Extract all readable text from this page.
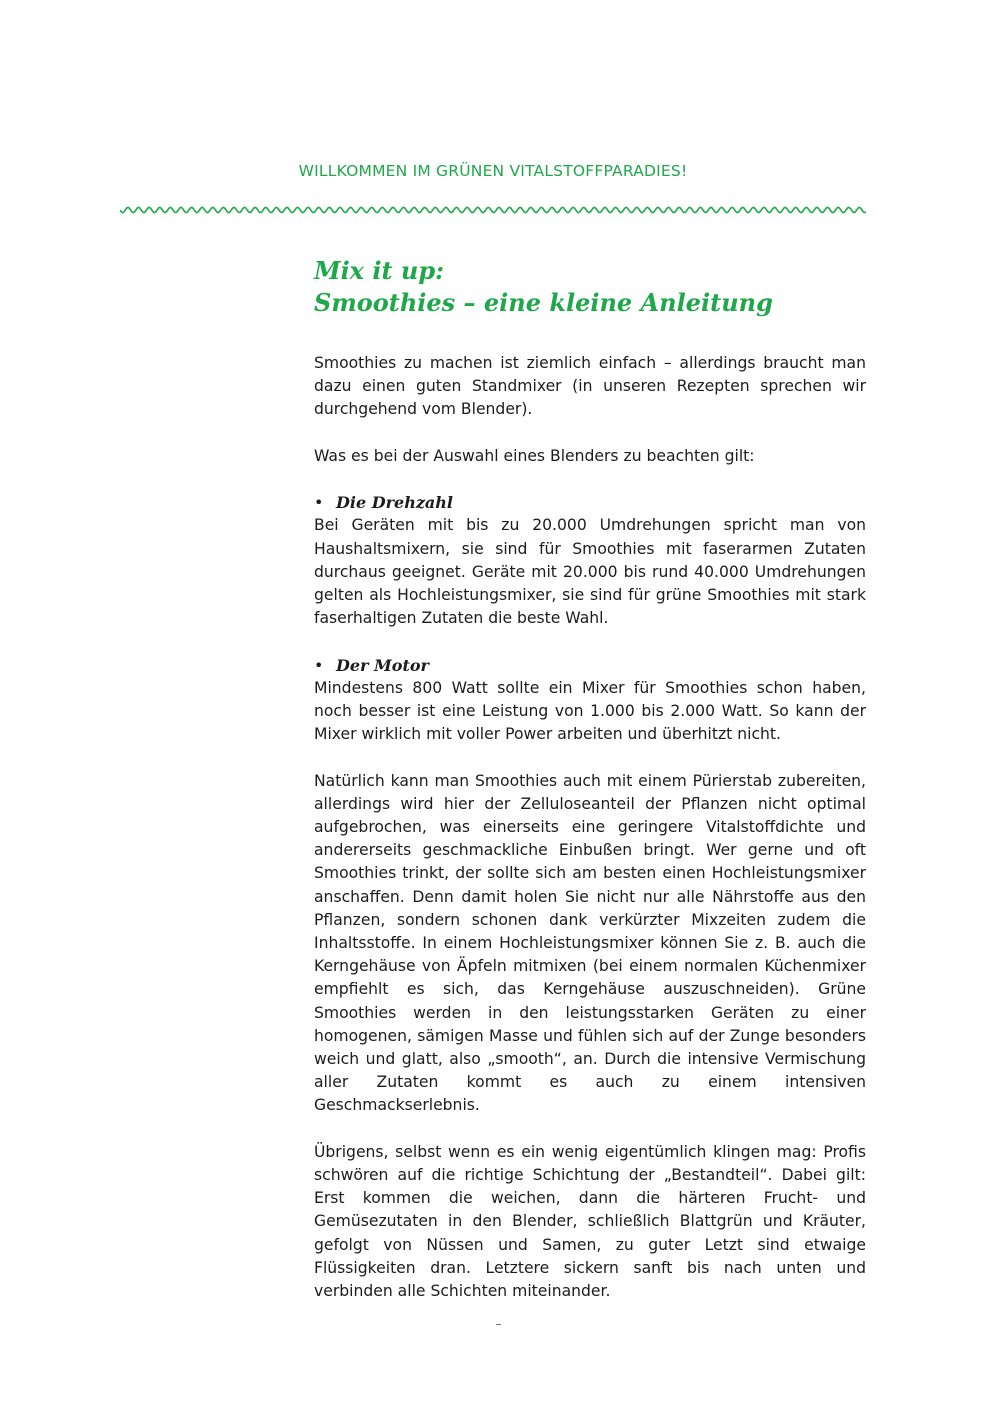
WILLKOMMEN IM GRÜNEN VITALSTOFFPARADIES!
Mix it up:
Smoothies – eine kleine Anleitung

Smoothies zu machen ist ziemlich einfach – allerdings braucht man dazu einen guten Standmixer (in unseren Rezepten sprechen wir durchgehend vom Blender).

Was es bei der Auswahl eines Blenders zu beachten gilt:

• Die Drehzahl

Bei Geräten mit bis zu 20.000 Umdrehungen spricht man von Haushaltsmixern, sie sind für Smoothies mit faserarmen Zutaten durchaus geeignet. Geräte mit 20.000 bis rund 40.000 Umdrehungen gelten als Hochleistungsmixer, sie sind für grüne Smoothies mit stark faserhaltigen Zutaten die beste Wahl.

• Der Motor

Mindestens 800 Watt sollte ein Mixer für Smoothies schon haben, noch besser ist eine Leistung von 1.000 bis 2.000 Watt. So kann der Mixer wirklich mit voller Power arbeiten und überhitzt nicht.

Natürlich kann man Smoothies auch mit einem Pürierstab zubereiten, allerdings wird hier der Zelluloseanteil der Pflanzen nicht optimal aufgebrochen, was einerseits eine geringere Vitalstoffdichte und andererseits geschmackliche Einbußen bringt. Wer gerne und oft Smoothies trinkt, der sollte sich am besten einen Hochleistungsmixer anschaffen. Denn damit holen Sie nicht nur alle Nährstoffe aus den Pflanzen, sondern schonen dank verkürzter Mixzeiten zudem die Inhaltsstoffe. In einem Hochleistungsmixer können Sie z. B. auch die Kerngehäuse von Äpfeln mitmixen (bei einem normalen Küchenmixer empfiehlt es sich, das Kerngehäuse auszuschneiden). Grüne Smoothies werden in den leistungsstarken Geräten zu einer homogenen, sämigen Masse und fühlen sich auf der Zunge besonders weich und glatt, also „smooth“, an. Durch die intensive Vermischung aller Zutaten kommt es auch zu einem intensiven Geschmackserlebnis.

Übrigens, selbst wenn es ein wenig eigentümlich klingen mag: Profis schwören auf die richtige Schichtung der „Bestandteil“. Dabei gilt: Erst kommen die weichen, dann die härteren Frucht- und Gemüsezutaten in den Blender, schließlich Blattgrün und Kräuter, gefolgt von Nüssen und Samen, zu guter Letzt sind etwaige Flüssigkeiten dran. Letztere sickern sanft bis nach unten und verbinden alle Schichten miteinander.
